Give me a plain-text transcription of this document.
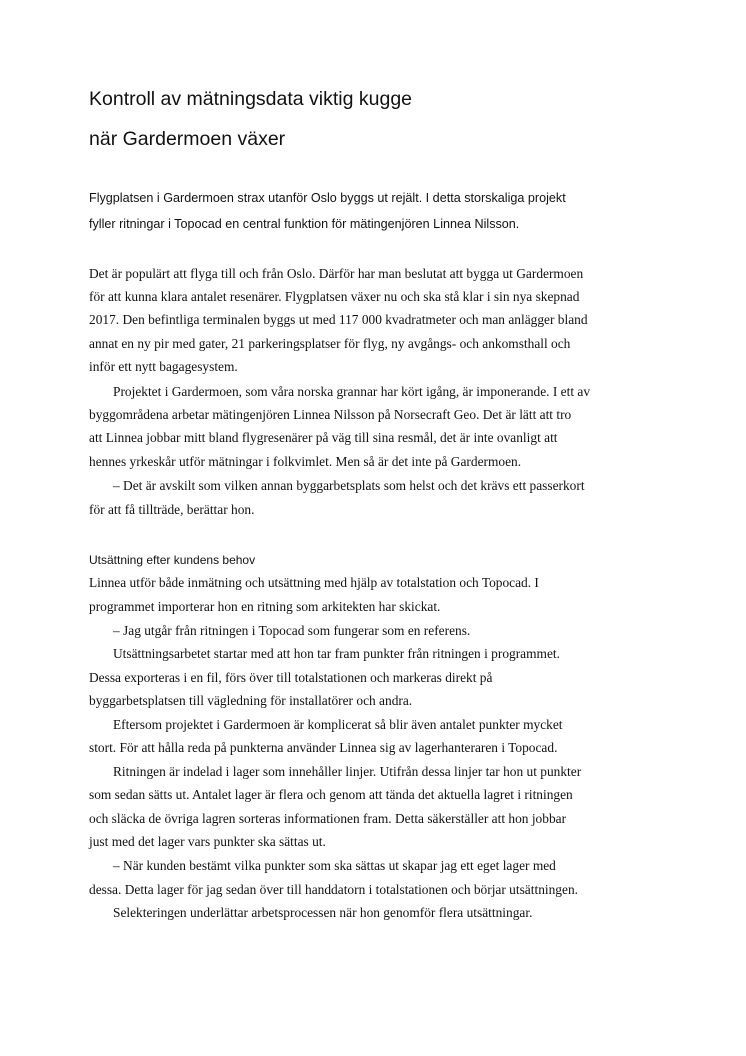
Kontroll av mätningsdata viktig kugge
när Gardermoen växer
Flygplatsen i Gardermoen strax utanför Oslo byggs ut rejält. I detta storskaliga projekt
fyller ritningar i Topocad en central funktion för mätingenjören Linnea Nilsson.
Det är populärt att flyga till och från Oslo. Därför har man beslutat att bygga ut Gardermoen
för att kunna klara antalet resenärer. Flygplatsen växer nu och ska stå klar i sin nya skepnad
2017. Den befintliga terminalen byggs ut med 117 000 kvadratmeter och man anlägger bland
annat en ny pir med gater, 21 parkeringsplatser för flyg, ny avgångs- och ankomsthall och
inför ett nytt bagagesystem.
Projektet i Gardermoen, som våra norska grannar har kört igång, är imponerande. I ett av
byggområdena arbetar mätingenjören Linnea Nilsson på Norsecraft Geo. Det är lätt att tro
att Linnea jobbar mitt bland flygresenärer på väg till sina resmål, det är inte ovanligt att
hennes yrkeskår utför mätningar i folkvimlet. Men så är det inte på Gardermoen.
– Det är avskilt som vilken annan byggarbetsplats som helst och det krävs ett passerkort
för att få tillträde, berättar hon.
Utsättning efter kundens behov
Linnea utför både inmätning och utsättning med hjälp av totalstation och Topocad. I
programmet importerar hon en ritning som arkitekten har skickat.
– Jag utgår från ritningen i Topocad som fungerar som en referens.
Utsättningsarbetet startar med att hon tar fram punkter från ritningen i programmet.
Dessa exporteras i en fil, förs över till totalstationen och markeras direkt på
byggarbetsplatsen till vägledning för installatörer och andra.
Eftersom projektet i Gardermoen är komplicerat så blir även antalet punkter mycket
stort. För att hålla reda på punkterna använder Linnea sig av lagerhanteraren i Topocad.
Ritningen är indelad i lager som innehåller linjer. Utifrån dessa linjer tar hon ut punkter
som sedan sätts ut. Antalet lager är flera och genom att tända det aktuella lagret i ritningen
och släcka de övriga lagren sorteras informationen fram. Detta säkerställer att hon jobbar
just med det lager vars punkter ska sättas ut.
– När kunden bestämt vilka punkter som ska sättas ut skapar jag ett eget lager med
dessa. Detta lager för jag sedan över till handdatorn i totalstationen och börjar utsättningen.
Selekteringen underlättar arbetsprocessen när hon genomför flera utsättningar.
